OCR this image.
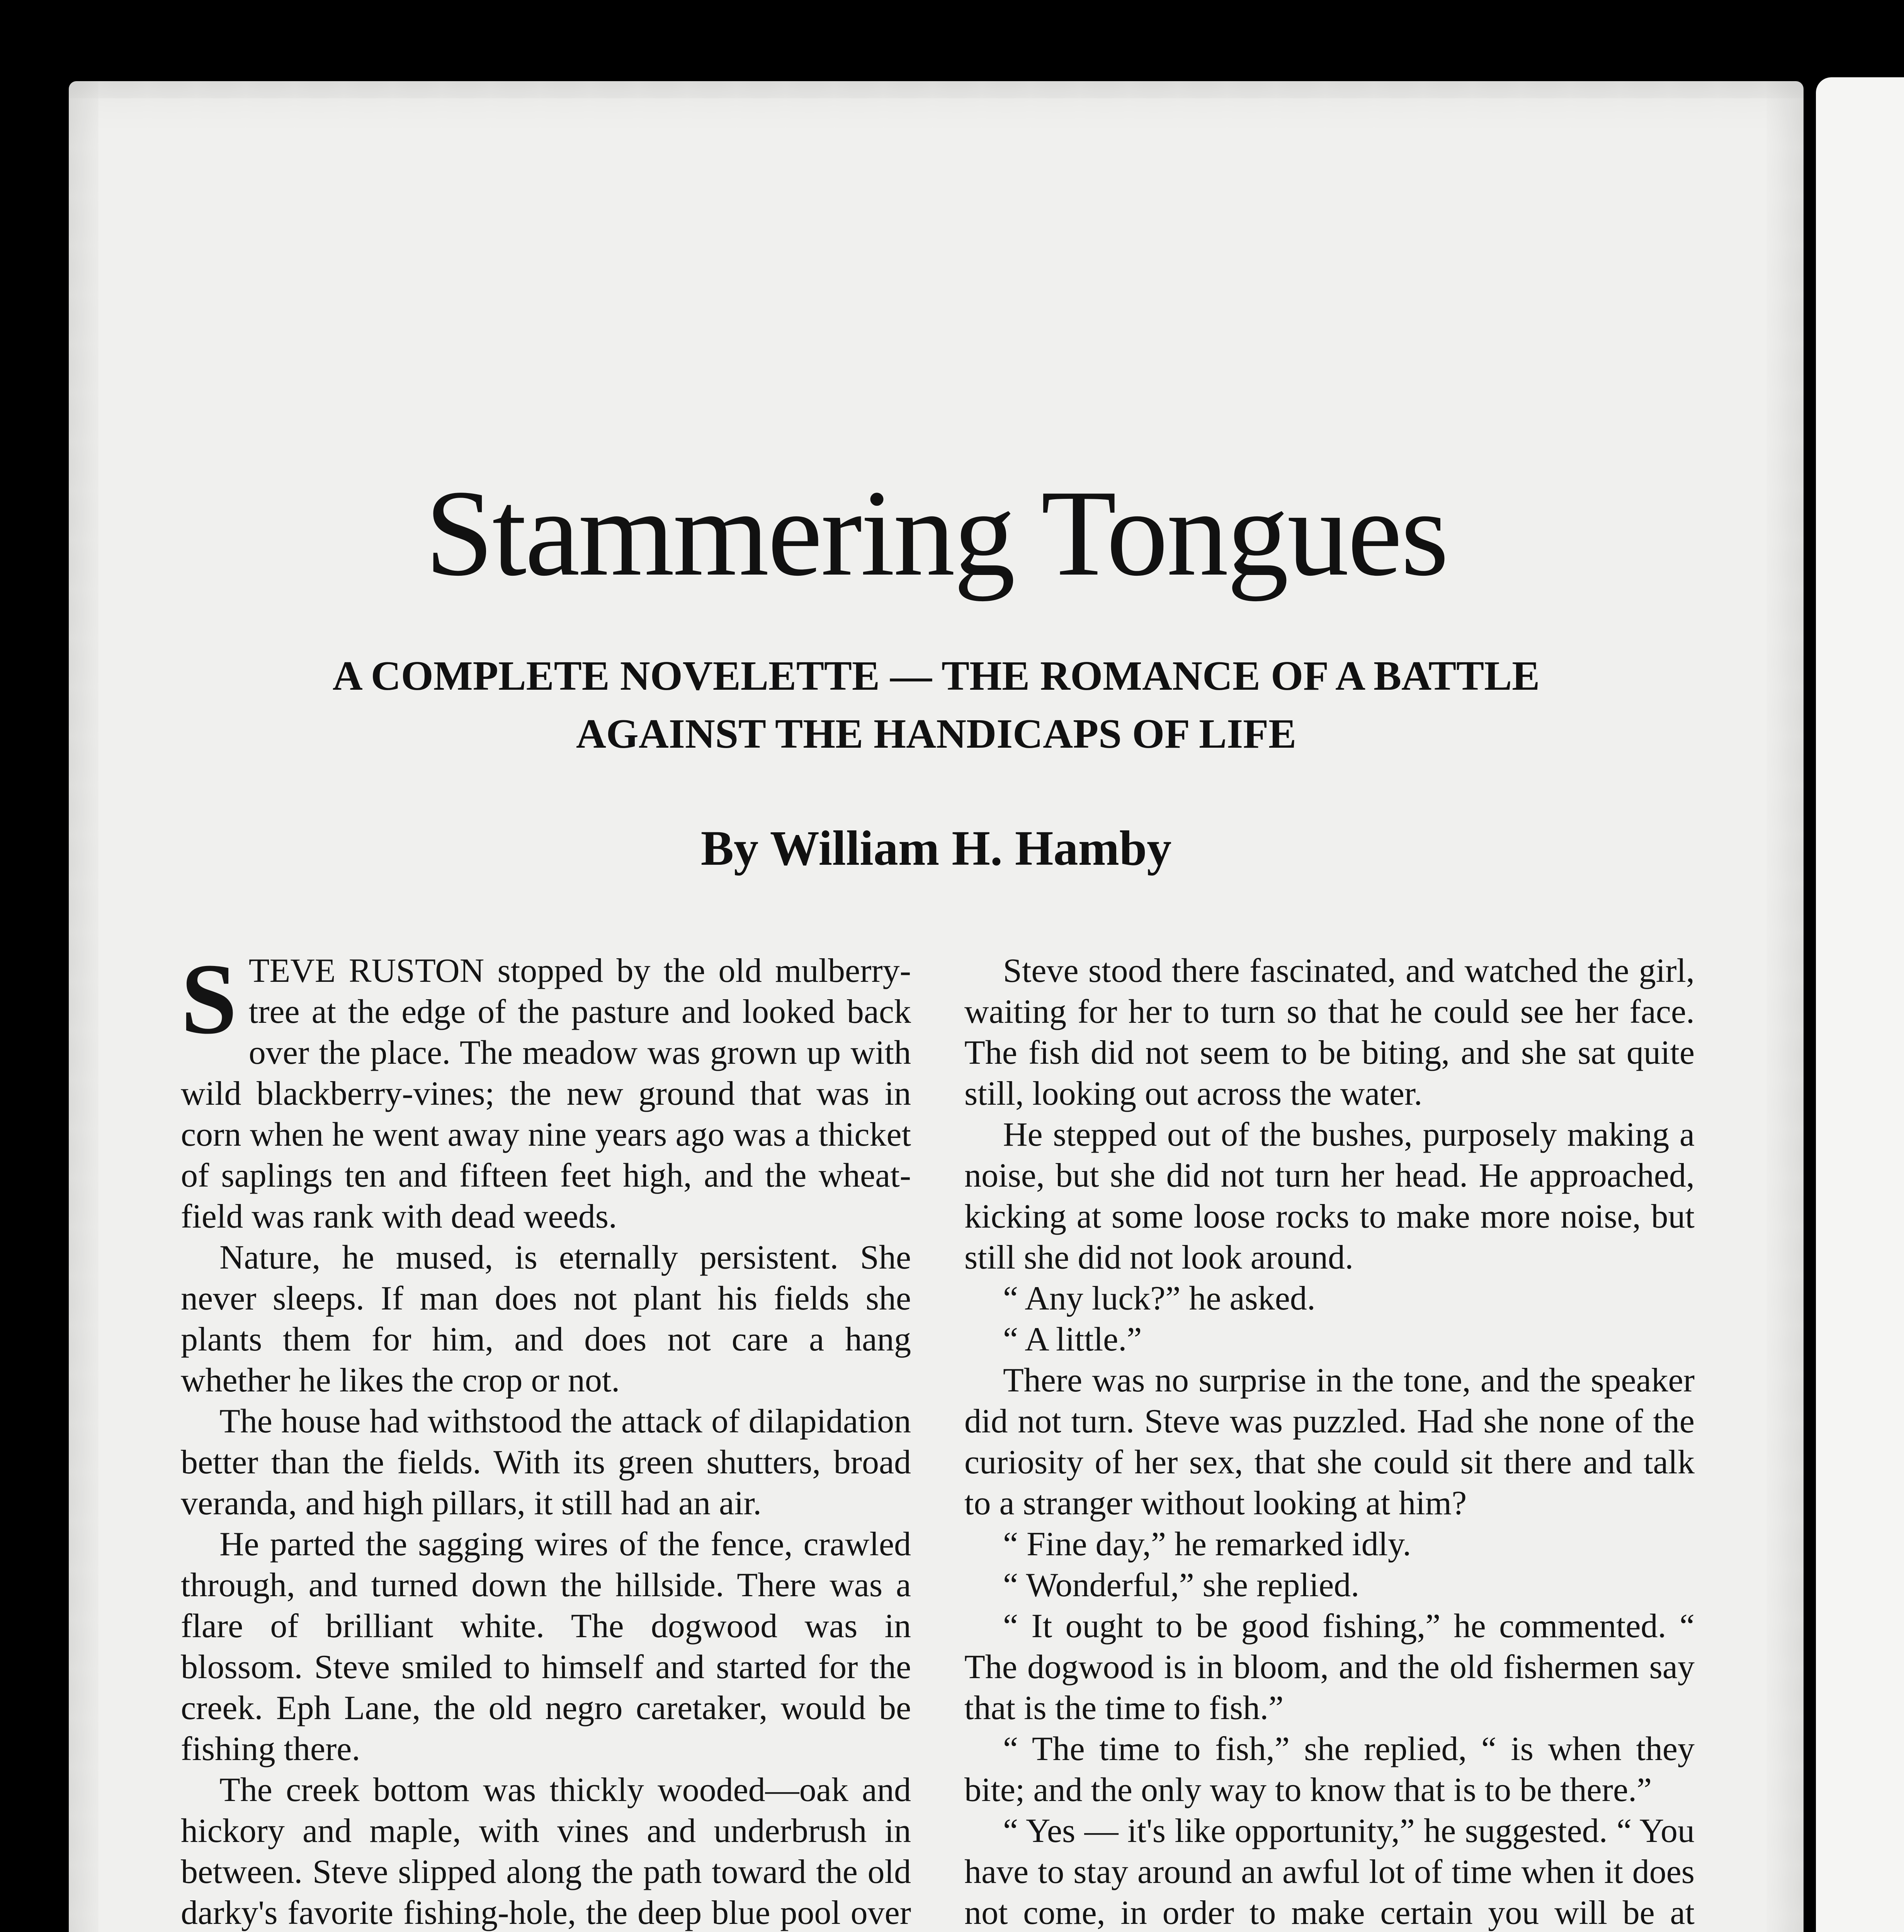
Stammering Tongues
A COMPLETE NOVELETTE — THE ROMANCE OF A BATTLE
AGAINST THE HANDICAPS OF LIFE
By William H. Hamby

STEVE RUSTON stopped by the old mulberry-tree at the edge of the pasture and looked back over the place. The meadow was grown up with wild blackberry-vines; the new ground that was in corn when he went away nine years ago was a thicket of saplings ten and fifteen feet high, and the wheat-field was rank with dead weeds.

Nature, he mused, is eternally persistent. She never sleeps. If man does not plant his fields she plants them for him, and does not care a hang whether he likes the crop or not.

The house had withstood the attack of dilapidation better than the fields. With its green shutters, broad veranda, and high pillars, it still had an air.

He parted the sagging wires of the fence, crawled through, and turned down the hillside. There was a flare of brilliant white. The dogwood was in blossom. Steve smiled to himself and started for the creek. Eph Lane, the old negro caretaker, would be fishing there.

The creek bottom was thickly wooded—oak and hickory and maple, with vines and underbrush in between. Steve slipped along the path toward the old darky's favorite fishing-hole, the deep blue pool over

Steve stood there fascinated, and watched the girl, waiting for her to turn so that he could see her face. The fish did not seem to be biting, and she sat quite still, looking out across the water.

He stepped out of the bushes, purposely making a noise, but she did not turn her head. He approached, kicking at some loose rocks to make more noise, but still she did not look around.

“ Any luck?” he asked.

“ A little.”

There was no surprise in the tone, and the speaker did not turn. Steve was puzzled. Had she none of the curiosity of her sex, that she could sit there and talk to a stranger without looking at him?

“ Fine day,” he remarked idly.

“ Wonderful,” she replied.

“ It ought to be good fishing,” he commented. “ The dogwood is in bloom, and the old fishermen say that is the time to fish.”

“ The time to fish,” she replied, “ is when they bite; and the only way to know that is to be there.”

“ Yes — it's like opportunity,” he suggested. “ You have to stay around an awful lot of time when it does not come, in order to make certain you will be at
